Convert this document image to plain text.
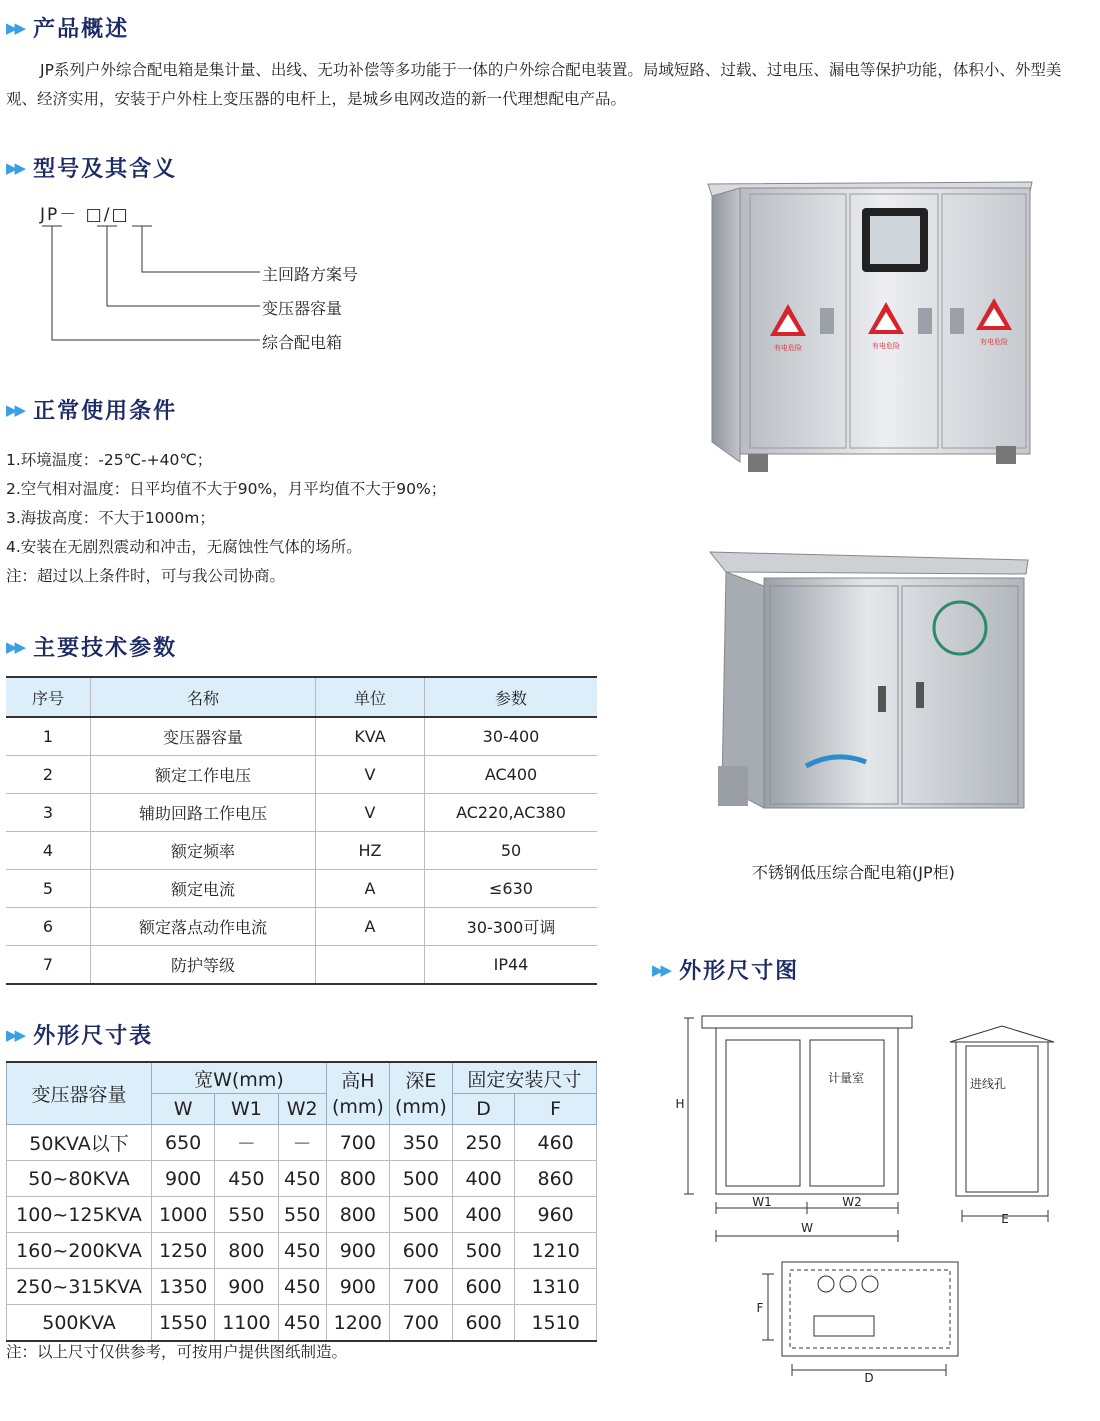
▶▶ 产品概述
JP系列户外综合配电箱是集计量、出线、无功补偿等多功能于一体的户外综合配电装置。局域短路、过载、过电压、漏电等保护功能，体积小、外型美观、经济实用，安装于户外柱上变压器的电杆上，是城乡电网改造的新一代理想配电产品。
▶▶ 型号及其含义
JP－ □/□
主回路方案号
变压器容量
综合配电箱
▶▶ 正常使用条件
1.环境温度：-25℃-+40℃；
2.空气相对温度：日平均值不大于90%，月平均值不大于90%；
3.海拔高度：不大于1000m；
4.安装在无剧烈震动和冲击，无腐蚀性气体的场所。
注：超过以上条件时，可与我公司协商。
▶▶ 主要技术参数
序号	名称	单位	参数
1	变压器容量	KVA	30-400
2	额定工作电压	V	AC400
3	辅助回路工作电压	V	AC220,AC380
4	额定频率	HZ	50
5	额定电流	A	≤630
6	额定落点动作电流	A	30-300可调
7	防护等级		IP44
▶▶ 外形尺寸表
变压器容量	宽W(mm)			高H (mm)	深E (mm)	固定安装尺寸	
	W	W1	W2			D	F
50KVA以下	650	－	－	700	350	250	460
50~80KVA	900	450	450	800	500	400	860
100~125KVA	1000	550	550	800	500	400	960
160~200KVA	1250	800	450	900	600	500	1210
250~315KVA	1350	900	450	900	700	600	1310
500KVA	1550	1100	450	1200	700	600	1510
注：以上尺寸仅供参考，可按用户提供图纸制造。
有电危险	有电危险	有电危险
不锈钢低压综合配电箱(JP柜)
▶▶ 外形尺寸图
H
W1	W2
W
E
F
D
计量室	进线孔
